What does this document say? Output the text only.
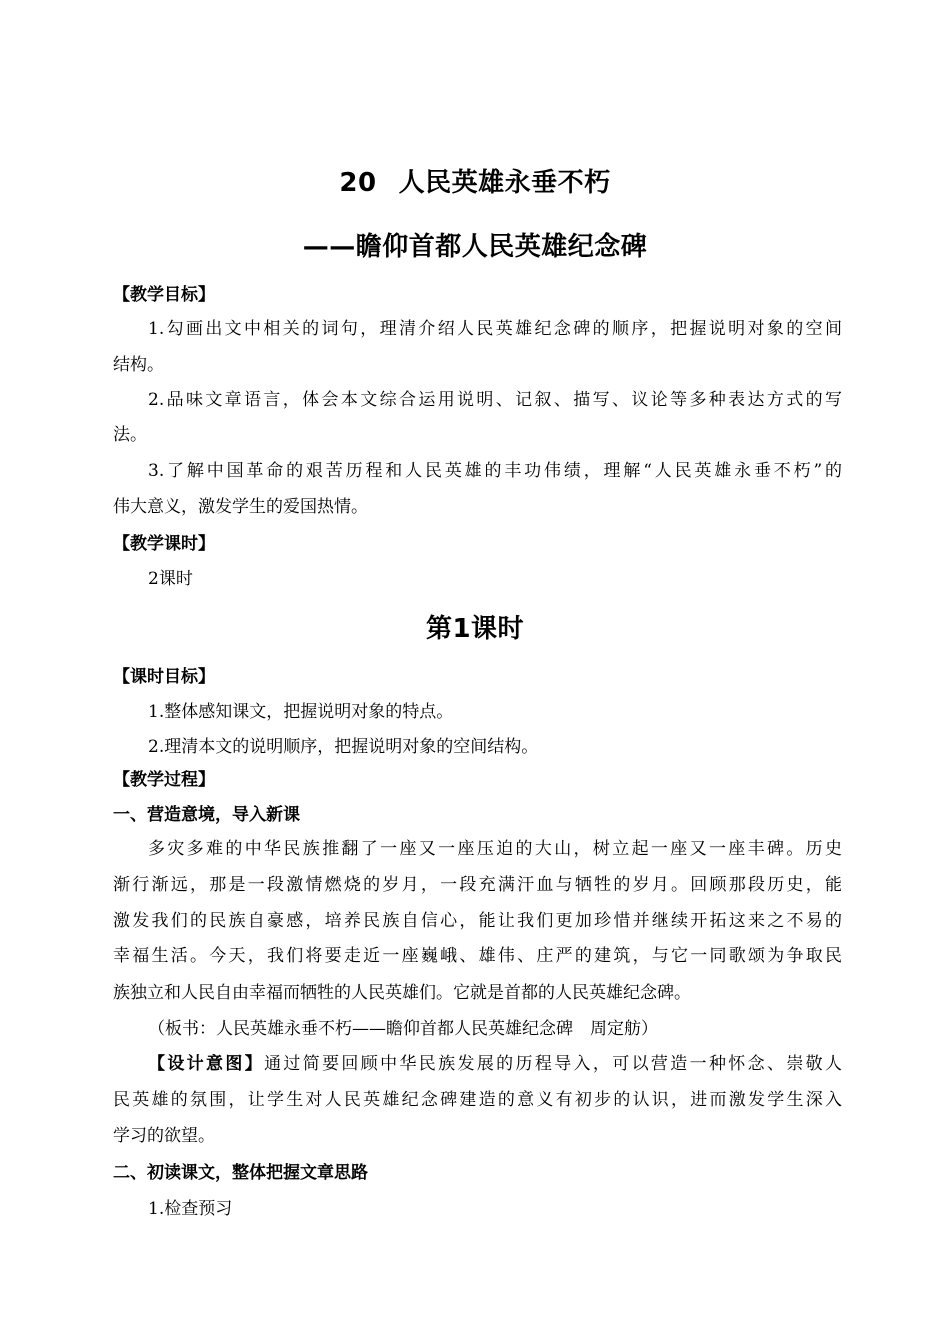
20 人民英雄永垂不朽
——瞻仰首都人民英雄纪念碑
【教学目标】
1.勾画出文中相关的词句，理清介绍人民英雄纪念碑的顺序，把握说明对象的空间
结构。
2.品味文章语言，体会本文综合运用说明、记叙、描写、议论等多种表达方式的写
法。
3.了解中国革命的艰苦历程和人民英雄的丰功伟绩，理解“人民英雄永垂不朽”的
伟大意义，激发学生的爱国热情。
【教学课时】
2课时
第1课时
【课时目标】
1.整体感知课文，把握说明对象的特点。
2.理清本文的说明顺序，把握说明对象的空间结构。
【教学过程】
一、营造意境，导入新课
多灾多难的中华民族推翻了一座又一座压迫的大山，树立起一座又一座丰碑。历史
渐行渐远，那是一段激情燃烧的岁月，一段充满汗血与牺牲的岁月。回顾那段历史，能
激发我们的民族自豪感，培养民族自信心，能让我们更加珍惜并继续开拓这来之不易的
幸福生活。今天，我们将要走近一座巍峨、雄伟、庄严的建筑，与它一同歌颂为争取民
族独立和人民自由幸福而牺牲的人民英雄们。它就是首都的人民英雄纪念碑。
（板书：人民英雄永垂不朽——瞻仰首都人民英雄纪念碑　周定舫）
【设计意图】通过简要回顾中华民族发展的历程导入，可以营造一种怀念、崇敬人
民英雄的氛围，让学生对人民英雄纪念碑建造的意义有初步的认识，进而激发学生深入
学习的欲望。
二、初读课文，整体把握文章思路
1.检查预习
